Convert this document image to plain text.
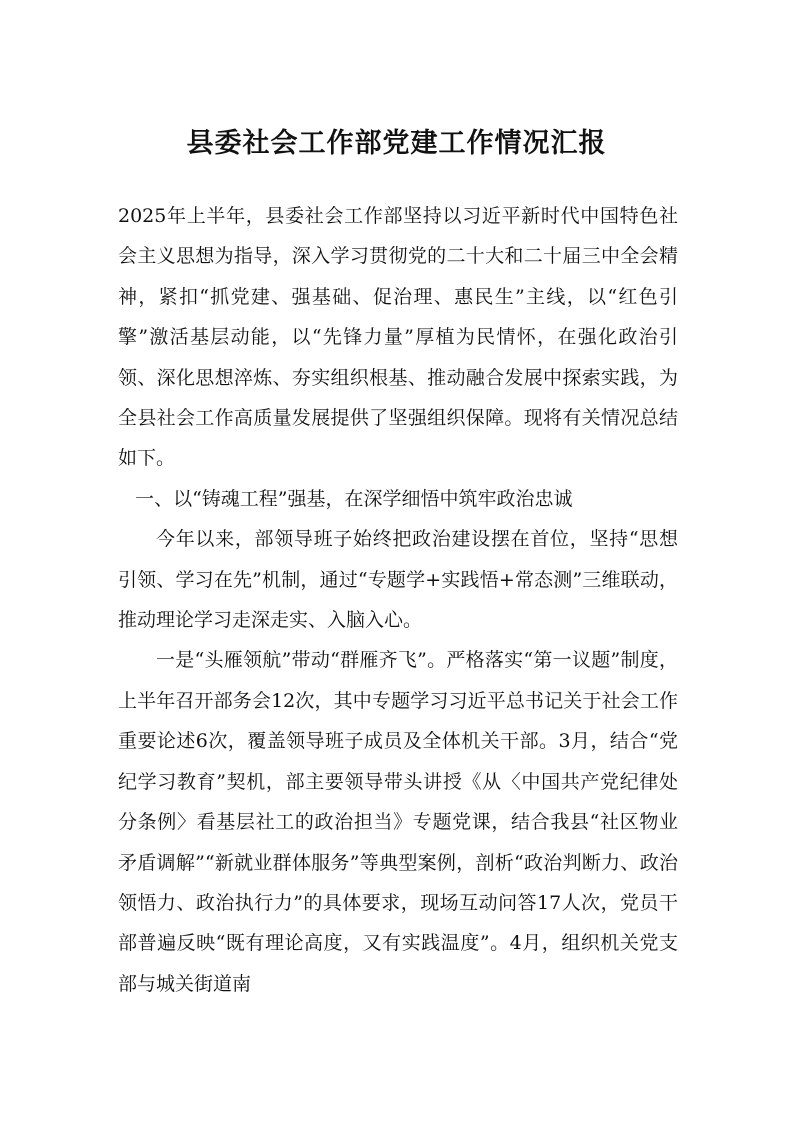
县委社会工作部党建工作情况汇报

2025年上半年，县委社会工作部坚持以习近平新时代中国特色社会主义思想为指导，深入学习贯彻党的二十大和二十届三中全会精神，紧扣“抓党建、强基础、促治理、惠民生”主线，以“红色引擎”激活基层动能，以“先锋力量”厚植为民情怀，在强化政治引领、深化思想淬炼、夯实组织根基、推动融合发展中探索实践，为全县社会工作高质量发展提供了坚强组织保障。现将有关情况总结如下。

一、以“铸魂工程”强基，在深学细悟中筑牢政治忠诚

今年以来，部领导班子始终把政治建设摆在首位，坚持“思想引领、学习在先”机制，通过“专题学+实践悟+常态测”三维联动，推动理论学习走深走实、入脑入心。

一是“头雁领航”带动“群雁齐飞”。严格落实“第一议题”制度，上半年召开部务会12次，其中专题学习习近平总书记关于社会工作重要论述6次，覆盖领导班子成员及全体机关干部。3月，结合“党纪学习教育”契机，部主要领导带头讲授《从〈中国共产党纪律处分条例〉看基层社工的政治担当》专题党课，结合我县“社区物业矛盾调解”“新就业群体服务”等典型案例，剖析“政治判断力、政治领悟力、政治执行力”的具体要求，现场互动问答17人次，党员干部普遍反映“既有理论高度，又有实践温度”。4月，组织机关党支部与城关街道南
